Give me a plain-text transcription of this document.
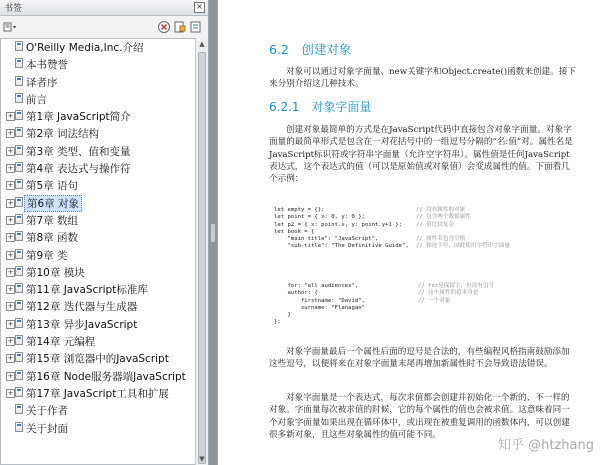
书签	×
O'Reilly Media,Inc.介绍
本书赞誉
译者序
前言
+ 第1章 JavaScript简介
+ 第2章 词法结构
+ 第3章 类型、值和变量
+ 第4章 表达式与操作符
+ 第5章 语句
+ 第6章 对象
+ 第7章 数组
+ 第8章 函数
+ 第9章 类
+ 第10章 模块
+ 第11章 JavaScript标准库
+ 第12章 迭代器与生成器
+ 第13章 异步JavaScript
+ 第14章 元编程
+ 第15章 浏览器中的JavaScript
+ 第16章 Node服务器端JavaScript
+ 第17章 JavaScript工具和扩展
关于作者
关于封面
▲
▼
6.2　创建对象

对象可以通过对象字面量、new关键字和Object.create()函数来创建。接下来分别介绍这几种技术。

6.2.1　对象字面量

创建对象最简单的方式是在JavaScript代码中直接包含对象字面量。对象字面量的最简单形式是包含在一对花括号中的一组逗号分隔的“名:值”对。属性名是JavaScript标识符或字符串字面量（允许空字符串）。属性值是任何JavaScript表达式，这个表达式的值（可以是原始值或对象值）会变成属性的值。下面看几个示例：

let empty = {};	// 没有属性的对象
let point = { x: 0, y: 0 };	// 包含两个数值属性
let p2 = { x: point.x, y: point.y+1 };	// 值比较复杂
let book = {
"main title": "JavaScript",	// 属性名包含空格
"sub-title": "The Definitive Guide", // 和连字符，因此使用字符串字面量
for: "all audiences",	// for是保留字，但没有引号
author: {	// 这个属性的值本身是
firstname: "David",	// 一个对象
surname: "Flanagan"
}
};

对象字面量最后一个属性后面的逗号是合法的，有些编程风格指南鼓励添加这些逗号，以便将来在对象字面量末尾再增加新属性时不会导致语法错误。

对象字面量是一个表达式，每次求值都会创建并初始化一个新的、不一样的对象。字面量每次被求值的时候，它的每个属性的值也会被求值。这意味着同一个对象字面量如果出现在循环体中，或出现在被重复调用的函数体内，可以创建很多新对象，且这些对象属性的值可能不同。

知乎 @htzhang
